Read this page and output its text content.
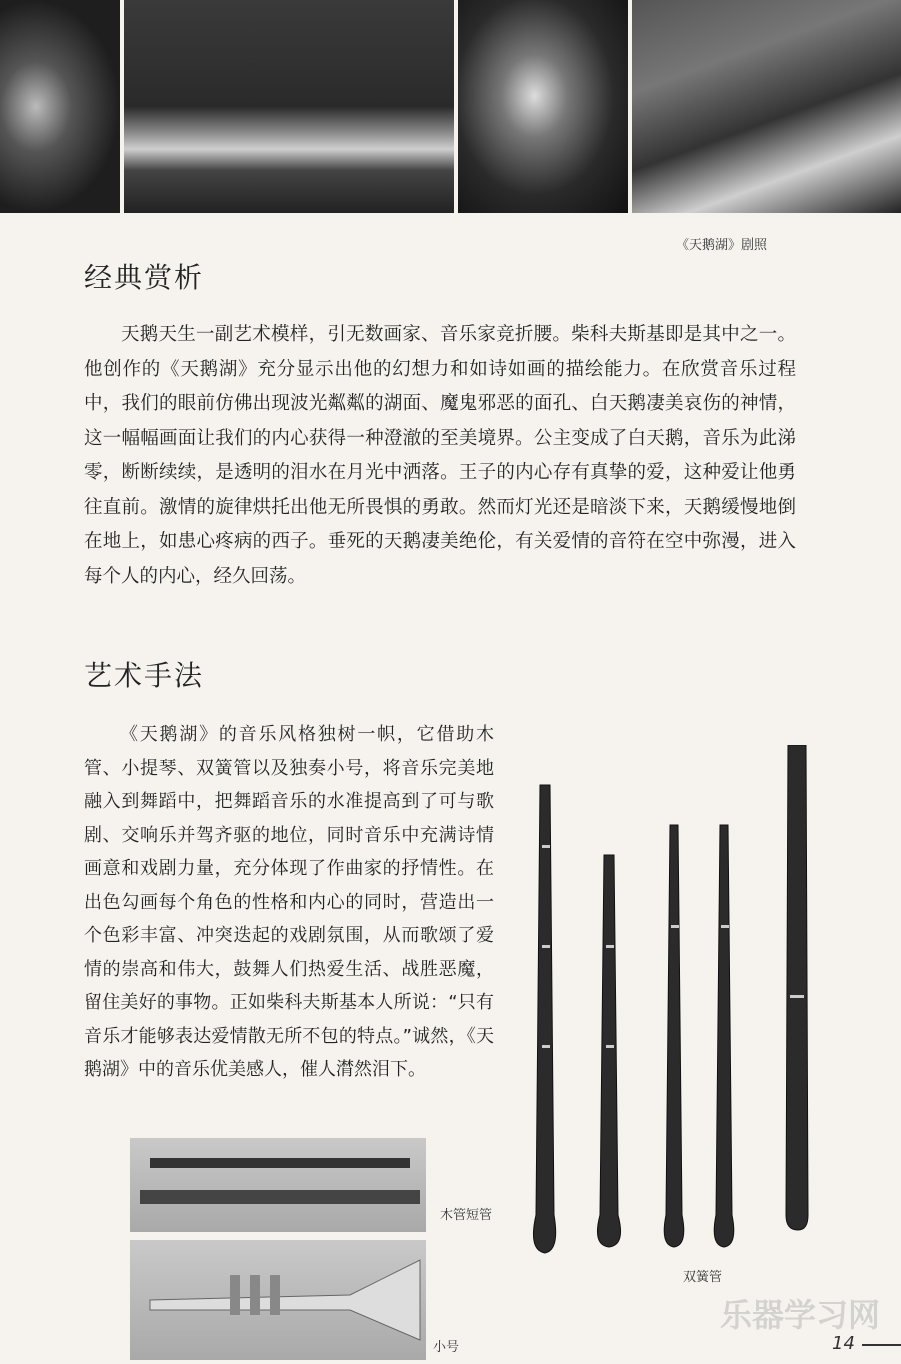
《天鹅湖》剧照
经典赏析

天鹅天生一副艺术模样，引无数画家、音乐家竞折腰。柴科夫斯基即是其中之一。他创作的《天鹅湖》充分显示出他的幻想力和如诗如画的描绘能力。在欣赏音乐过程中，我们的眼前仿佛出现波光粼粼的湖面、魔鬼邪恶的面孔、白天鹅凄美哀伤的神情，这一幅幅画面让我们的内心获得一种澄澈的至美境界。公主变成了白天鹅，音乐为此涕零，断断续续，是透明的泪水在月光中洒落。王子的内心存有真挚的爱，这种爱让他勇往直前。激情的旋律烘托出他无所畏惧的勇敢。然而灯光还是暗淡下来，天鹅缓慢地倒在地上，如患心疼病的西子。垂死的天鹅凄美绝伦，有关爱情的音符在空中弥漫，进入每个人的内心，经久回荡。

艺术手法

《天鹅湖》的音乐风格独树一帜，它借助木管、小提琴、双簧管以及独奏小号，将音乐完美地融入到舞蹈中，把舞蹈音乐的水准提高到了可与歌剧、交响乐并驾齐驱的地位，同时音乐中充满诗情画意和戏剧力量，充分体现了作曲家的抒情性。在出色勾画每个角色的性格和内心的同时，营造出一个色彩丰富、冲突迭起的戏剧氛围，从而歌颂了爱情的崇高和伟大，鼓舞人们热爱生活、战胜恶魔，留住美好的事物。正如柴科夫斯基本人所说：“只有音乐才能够表达爱情散无所不包的特点。”诚然，《天鹅湖》中的音乐优美感人，催人潸然泪下。

双簧管
木管短管
小号
乐器学习网
14
